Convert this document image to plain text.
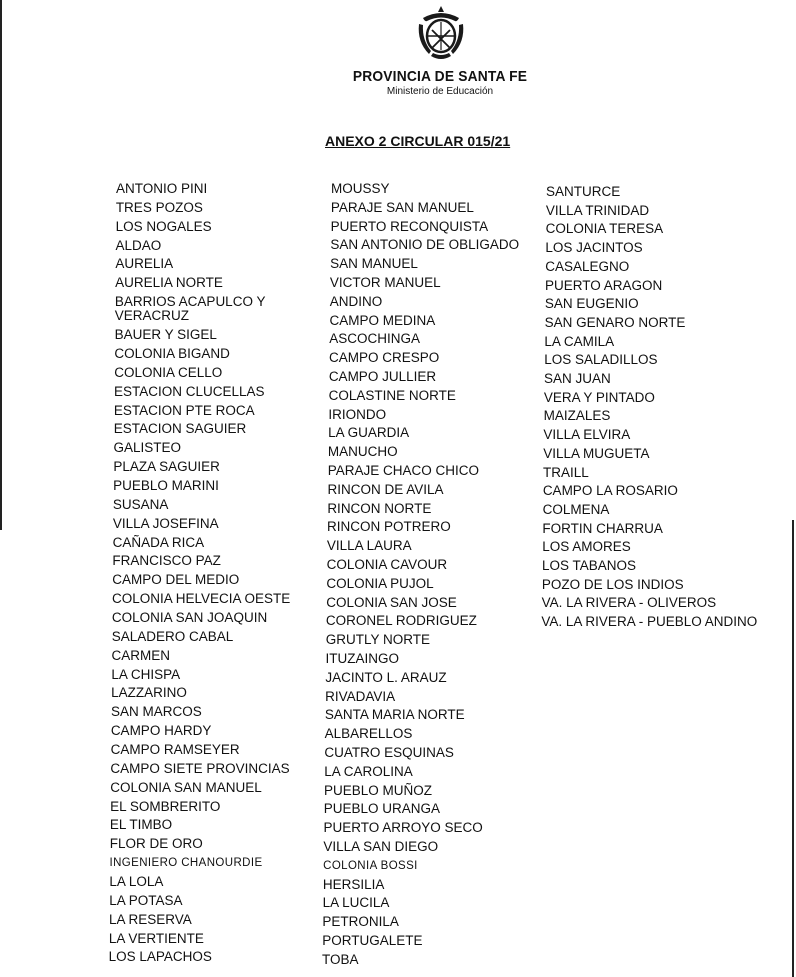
PROVINCIA DE SANTA FE
Ministerio de Educación
ANEXO 2 CIRCULAR 015/21
ANTONIO PINI
TRES POZOS
LOS NOGALES
ALDAO
AURELIA
AURELIA NORTE
BARRIOS ACAPULCO Y
VERACRUZ
BAUER Y SIGEL
COLONIA BIGAND
COLONIA CELLO
ESTACION CLUCELLAS
ESTACION PTE ROCA
ESTACION SAGUIER
GALISTEO
PLAZA SAGUIER
PUEBLO MARINI
SUSANA
VILLA JOSEFINA
CAÑADA RICA
FRANCISCO PAZ
CAMPO DEL MEDIO
COLONIA HELVECIA OESTE
COLONIA SAN JOAQUIN
SALADERO CABAL
CARMEN
LA CHISPA
LAZZARINO
SAN MARCOS
CAMPO HARDY
CAMPO RAMSEYER
CAMPO SIETE PROVINCIAS
COLONIA SAN MANUEL
EL SOMBRERITO
EL TIMBO
FLOR DE ORO
INGENIERO CHANOURDIE
LA LOLA
LA POTASA
LA RESERVA
LA VERTIENTE
LOS LAPACHOS
MOUSSY
PARAJE SAN MANUEL
PUERTO RECONQUISTA
SAN ANTONIO DE OBLIGADO
SAN MANUEL
VICTOR MANUEL
ANDINO
CAMPO MEDINA
ASCOCHINGA
CAMPO CRESPO
CAMPO JULLIER
COLASTINE NORTE
IRIONDO
LA GUARDIA
MANUCHO
PARAJE CHACO CHICO
RINCON DE AVILA
RINCON NORTE
RINCON POTRERO
VILLA LAURA
COLONIA CAVOUR
COLONIA PUJOL
COLONIA SAN JOSE
CORONEL RODRIGUEZ
GRUTLY NORTE
ITUZAINGO
JACINTO L. ARAUZ
RIVADAVIA
SANTA MARIA NORTE
ALBARELLOS
CUATRO ESQUINAS
LA CAROLINA
PUEBLO MUÑOZ
PUEBLO URANGA
PUERTO ARROYO SECO
VILLA SAN DIEGO
COLONIA BOSSI
HERSILIA
LA LUCILA
PETRONILA
PORTUGALETE
TOBA
SANTURCE
VILLA TRINIDAD
COLONIA TERESA
LOS JACINTOS
CASALEGNO
PUERTO ARAGON
SAN EUGENIO
SAN GENARO NORTE
LA CAMILA
LOS SALADILLOS
SAN JUAN
VERA Y PINTADO
MAIZALES
VILLA ELVIRA
VILLA MUGUETA
TRAILL
CAMPO LA ROSARIO
COLMENA
FORTIN CHARRUA
LOS AMORES
LOS TABANOS
POZO DE LOS INDIOS
VA. LA RIVERA - OLIVEROS
VA. LA RIVERA - PUEBLO ANDINO
